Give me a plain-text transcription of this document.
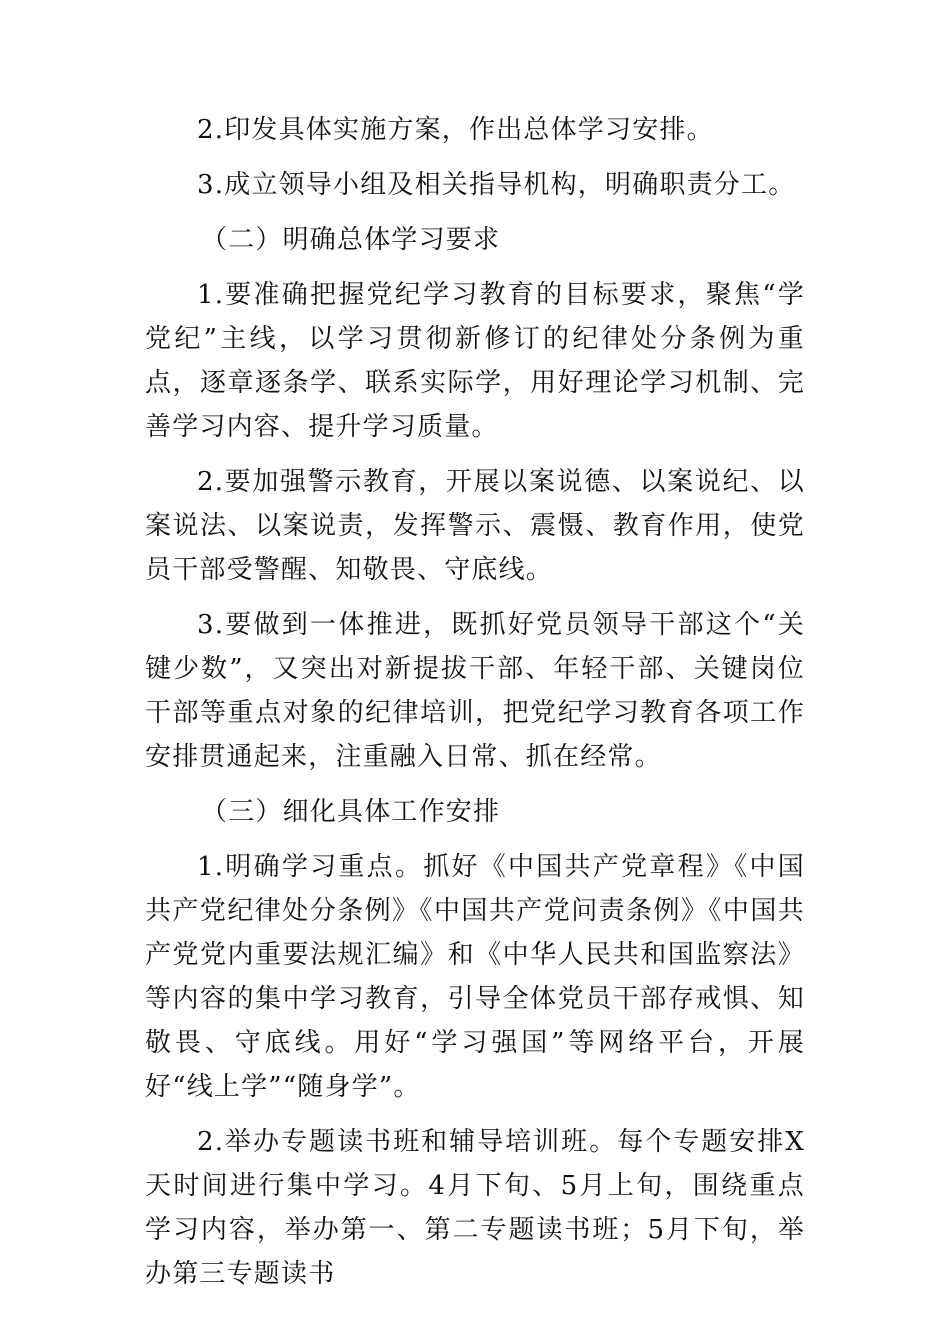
2.印发具体实施方案，作出总体学习安排。

3.成立领导小组及相关指导机构，明确职责分工。

（二）明确总体学习要求

1.要准确把握党纪学习教育的目标要求，聚焦“学党纪”主线，以学习贯彻新修订的纪律处分条例为重点，逐章逐条学、联系实际学，用好理论学习机制、完善学习内容、提升学习质量。

2.要加强警示教育，开展以案说德、以案说纪、以案说法、以案说责，发挥警示、震慑、教育作用，使党员干部受警醒、知敬畏、守底线。

3.要做到一体推进，既抓好党员领导干部这个“关键少数”，又突出对新提拔干部、年轻干部、关键岗位干部等重点对象的纪律培训，把党纪学习教育各项工作安排贯通起来，注重融入日常、抓在经常。

（三）细化具体工作安排

1.明确学习重点。抓好《中国共产党章程》《中国共产党纪律处分条例》《中国共产党问责条例》《中国共产党党内重要法规汇编》和《中华人民共和国监察法》等内容的集中学习教育，引导全体党员干部存戒惧、知敬畏、守底线。用好“学习强国”等网络平台，开展好“线上学”“随身学”。

2.举办专题读书班和辅导培训班。每个专题安排X天时间进行集中学习。4月下旬、5月上旬，围绕重点学习内容，举办第一、第二专题读书班；5月下旬，举办第三专题读书
